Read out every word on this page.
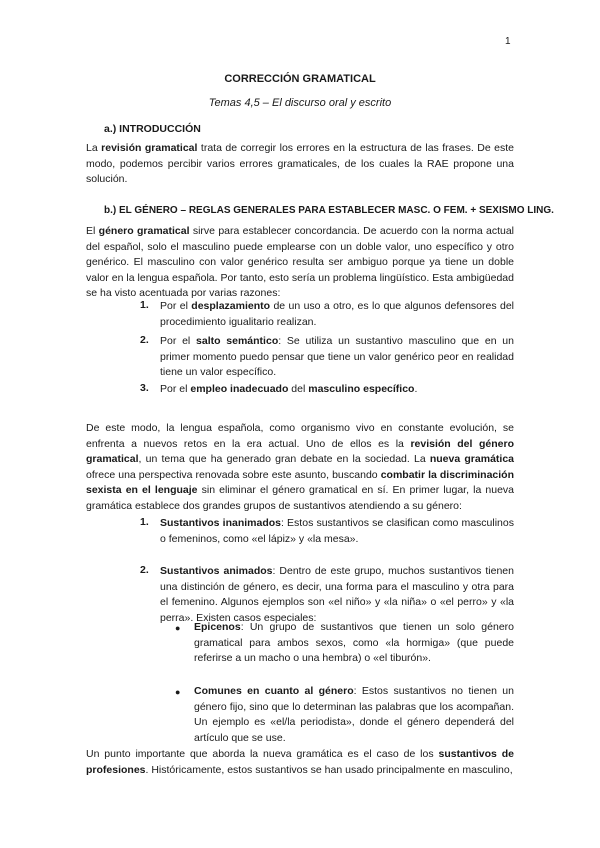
1
CORRECCIÓN GRAMATICAL
Temas 4,5 – El discurso oral y escrito
a.) INTRODUCCIÓN
La revisión gramatical trata de corregir los errores en la estructura de las frases. De este modo, podemos percibir varios errores gramaticales, de los cuales la RAE propone una solución.
b.) EL GÉNERO – REGLAS GENERALES PARA ESTABLECER MASC. O FEM. + SEXISMO LING.
El género gramatical sirve para establecer concordancia. De acuerdo con la norma actual del español, solo el masculino puede emplearse con un doble valor, uno específico y otro genérico. El masculino con valor genérico resulta ser ambiguo porque ya tiene un doble valor en la lengua española. Por tanto, esto sería un problema lingüístico. Esta ambigüedad se ha visto acentuada por varias razones:
1. Por el desplazamiento de un uso a otro, es lo que algunos defensores del procedimiento igualitario realizan.
2. Por el salto semántico: Se utiliza un sustantivo masculino que en un primer momento puedo pensar que tiene un valor genérico peor en realidad tiene un valor específico.
3. Por el empleo inadecuado del masculino específico.
De este modo, la lengua española, como organismo vivo en constante evolución, se enfrenta a nuevos retos en la era actual. Uno de ellos es la revisión del género gramatical, un tema que ha generado gran debate en la sociedad. La nueva gramática ofrece una perspectiva renovada sobre este asunto, buscando combatir la discriminación sexista en el lenguaje sin eliminar el género gramatical en sí. En primer lugar, la nueva gramática establece dos grandes grupos de sustantivos atendiendo a su género:
1. Sustantivos inanimados: Estos sustantivos se clasifican como masculinos o femeninos, como «el lápiz» y «la mesa».
2. Sustantivos animados: Dentro de este grupo, muchos sustantivos tienen una distinción de género, es decir, una forma para el masculino y otra para el femenino. Algunos ejemplos son «el niño» y «la niña» o «el perro» y «la perra». Existen casos especiales:
● Epicenos: Un grupo de sustantivos que tienen un solo género gramatical para ambos sexos, como «la hormiga» (que puede referirse a un macho o una hembra) o «el tiburón».
● Comunes en cuanto al género: Estos sustantivos no tienen un género fijo, sino que lo determinan las palabras que los acompañan. Un ejemplo es «el/la periodista», donde el género dependerá del artículo que se use.
Un punto importante que aborda la nueva gramática es el caso de los sustantivos de profesiones. Históricamente, estos sustantivos se han usado principalmente en masculino,
